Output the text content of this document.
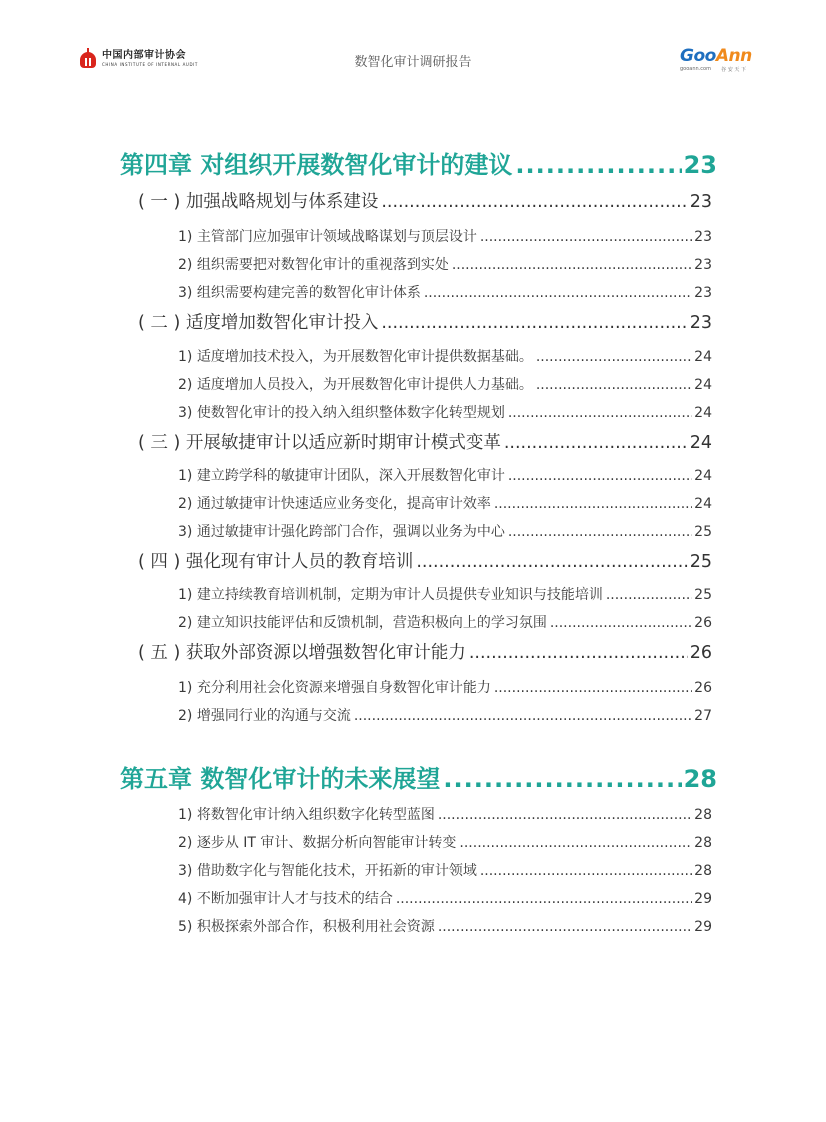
中国内部审计协会
CHINA INSTITUTE OF INTERNAL AUDIT	数智化审计调研报告	GooAnn
gooann.com 谷 安 天 下
第四章 对组织开展数智化审计的建议 .....	23
( 一 ) 加强战略规划与体系建设 .....	23
1) 主管部门应加强审计领域战略谋划与顶层设计 .....	23
2) 组织需要把对数智化审计的重视落到实处 .....	23
3) 组织需要构建完善的数智化审计体系 .....	23
( 二 ) 适度增加数智化审计投入 .....	23
1) 适度增加技术投入，为开展数智化审计提供数据基础。 .....	24
2) 适度增加人员投入，为开展数智化审计提供人力基础。 .....	24
3) 使数智化审计的投入纳入组织整体数字化转型规划 .....	24
( 三 ) 开展敏捷审计以适应新时期审计模式变革 .....	24
1) 建立跨学科的敏捷审计团队，深入开展数智化审计 .....	24
2) 通过敏捷审计快速适应业务变化，提高审计效率 .....	24
3) 通过敏捷审计强化跨部门合作，强调以业务为中心 .....	25
( 四 ) 强化现有审计人员的教育培训 .....	25
1) 建立持续教育培训机制，定期为审计人员提供专业知识与技能培训 .....	25
2) 建立知识技能评估和反馈机制，营造积极向上的学习氛围 .....	26
( 五 ) 获取外部资源以增强数智化审计能力 .....	26
1) 充分利用社会化资源来增强自身数智化审计能力 .....	26
2) 增强同行业的沟通与交流 .....	27
第五章 数智化审计的未来展望 .....	28
1) 将数智化审计纳入组织数字化转型蓝图 .....	28
2) 逐步从 IT 审计、数据分析向智能审计转变 .....	28
3) 借助数字化与智能化技术，开拓新的审计领域 .....	28
4) 不断加强审计人才与技术的结合 .....	29
5) 积极探索外部合作，积极利用社会资源 .....	29
